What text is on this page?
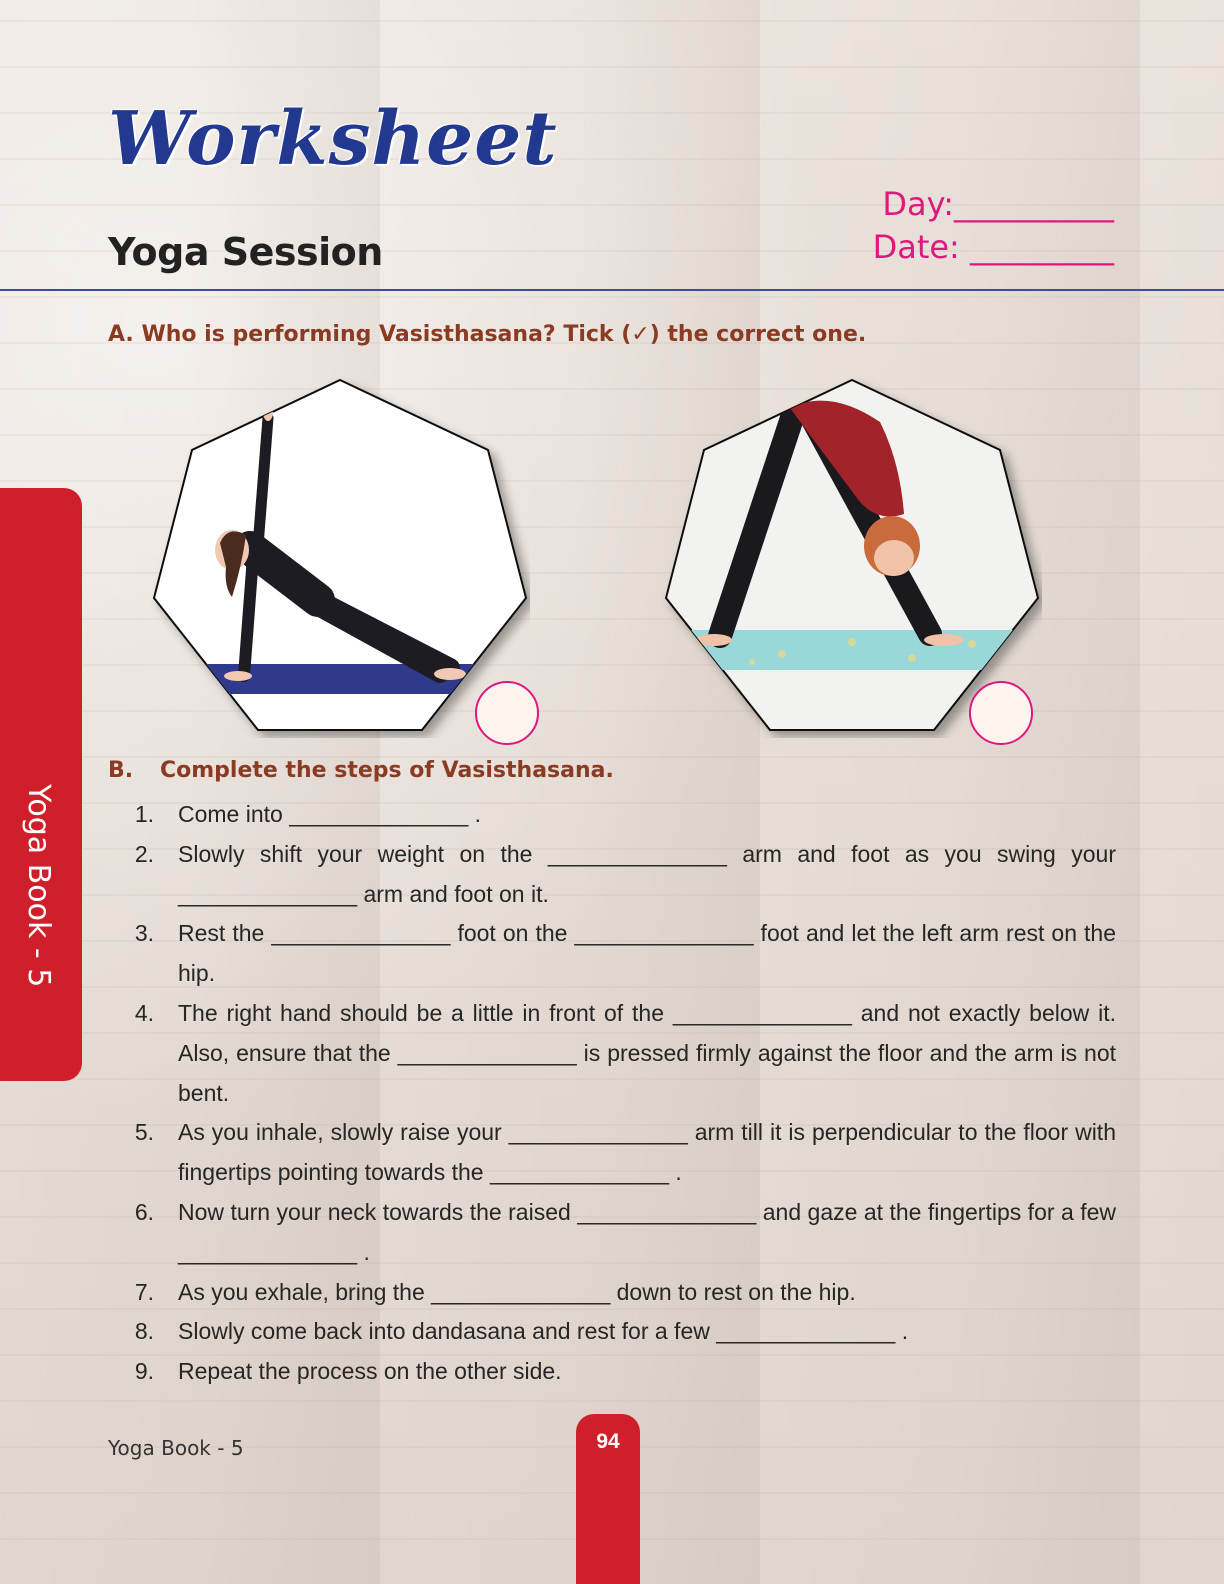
Worksheet
Yoga Session
Day:__________
Date: _________

A. Who is performing Vasisthasana? Tick (✓) the correct one.

Yoga Book - 5

B. Complete the steps of Vasisthasana.

1. Come into ______________ .
2. Slowly shift your weight on the ______________ arm and foot as you swing your ______________ arm and foot on it.
3. Rest the ______________ foot on the ______________ foot and let the left arm rest on the hip.
4. The right hand should be a little in front of the ______________ and not exactly below it. Also, ensure that the ______________ is pressed firmly against the floor and the arm is not bent.
5. As you inhale, slowly raise your ______________ arm till it is perpendicular to the floor with fingertips pointing towards the ______________ .
6. Now turn your neck towards the raised ______________ and gaze at the fingertips for a few ______________ .
7. As you exhale, bring the ______________ down to rest on the hip.
8. Slowly come back into dandasana and rest for a few ______________ .
9. Repeat the process on the other side.
Yoga Book - 5	94
